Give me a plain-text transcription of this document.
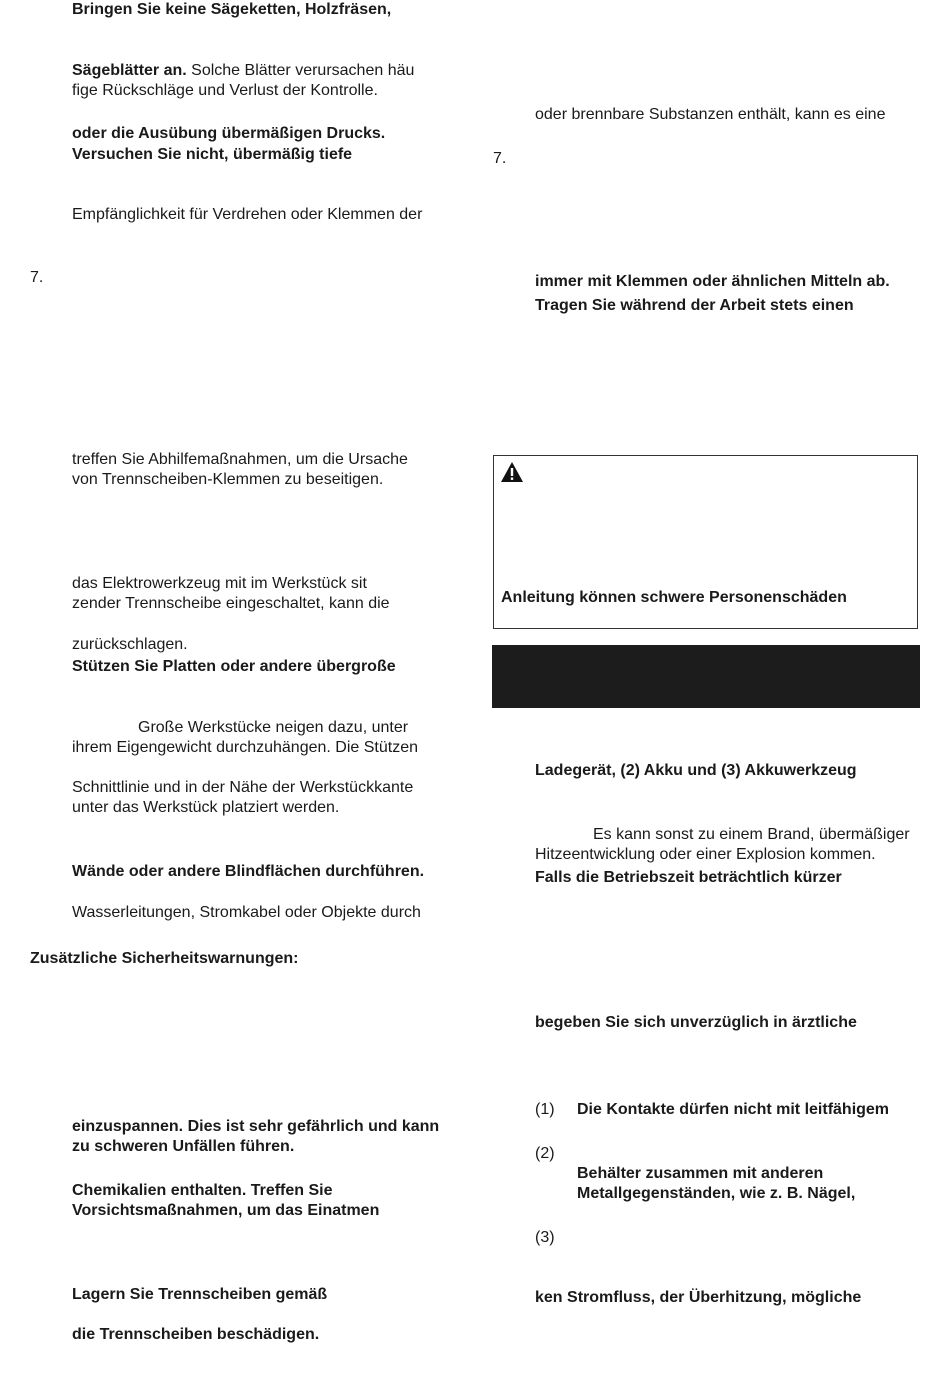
Bringen Sie keine Sägeketten, Holzfräsen,
Sägeblätter an. Solche Blätter verursachen häu
fige Rückschläge und Verlust der Kontrolle.
oder die Ausübung übermäßigen Drucks.
Versuchen Sie nicht, übermäßig tiefe
Empfänglichkeit für Verdrehen oder Klemmen der
7.
treffen Sie Abhilfemaßnahmen, um die Ursache
von Trennscheiben-Klemmen zu beseitigen.
das Elektrowerkzeug mit im Werkstück sit
zender Trennscheibe eingeschaltet, kann die
zurückschlagen.
Stützen Sie Platten oder andere übergroße
Große Werkstücke neigen dazu, unter
ihrem Eigengewicht durchzuhängen. Die Stützen
Schnittlinie und in der Nähe der Werkstückkante
unter das Werkstück platziert werden.
Wände oder andere Blindflächen durchführen.
Wasserleitungen, Stromkabel oder Objekte durch
Zusätzliche Sicherheitswarnungen:
einzuspannen. Dies ist sehr gefährlich und kann
zu schweren Unfällen führen.
Chemikalien enthalten. Treffen Sie
Vorsichtsmaßnahmen, um das Einatmen
Lagern Sie Trennscheiben gemäß
die Trennscheiben beschädigen.
oder brennbare Substanzen enthält, kann es eine
7.
immer mit Klemmen oder ähnlichen Mitteln ab.
Tragen Sie während der Arbeit stets einen
Anleitung können schwere Personenschäden
Ladegerät, (2) Akku und (3) Akkuwerkzeug
Es kann sonst zu einem Brand, übermäßiger
Hitzeentwicklung oder einer Explosion kommen.
Falls die Betriebszeit beträchtlich kürzer
begeben Sie sich unverzüglich in ärztliche
(1) Die Kontakte dürfen nicht mit leitfähigem
(2)
Behälter zusammen mit anderen
Metallgegenständen, wie z. B. Nägel,
(3)
ken Stromfluss, der Überhitzung, mögliche
